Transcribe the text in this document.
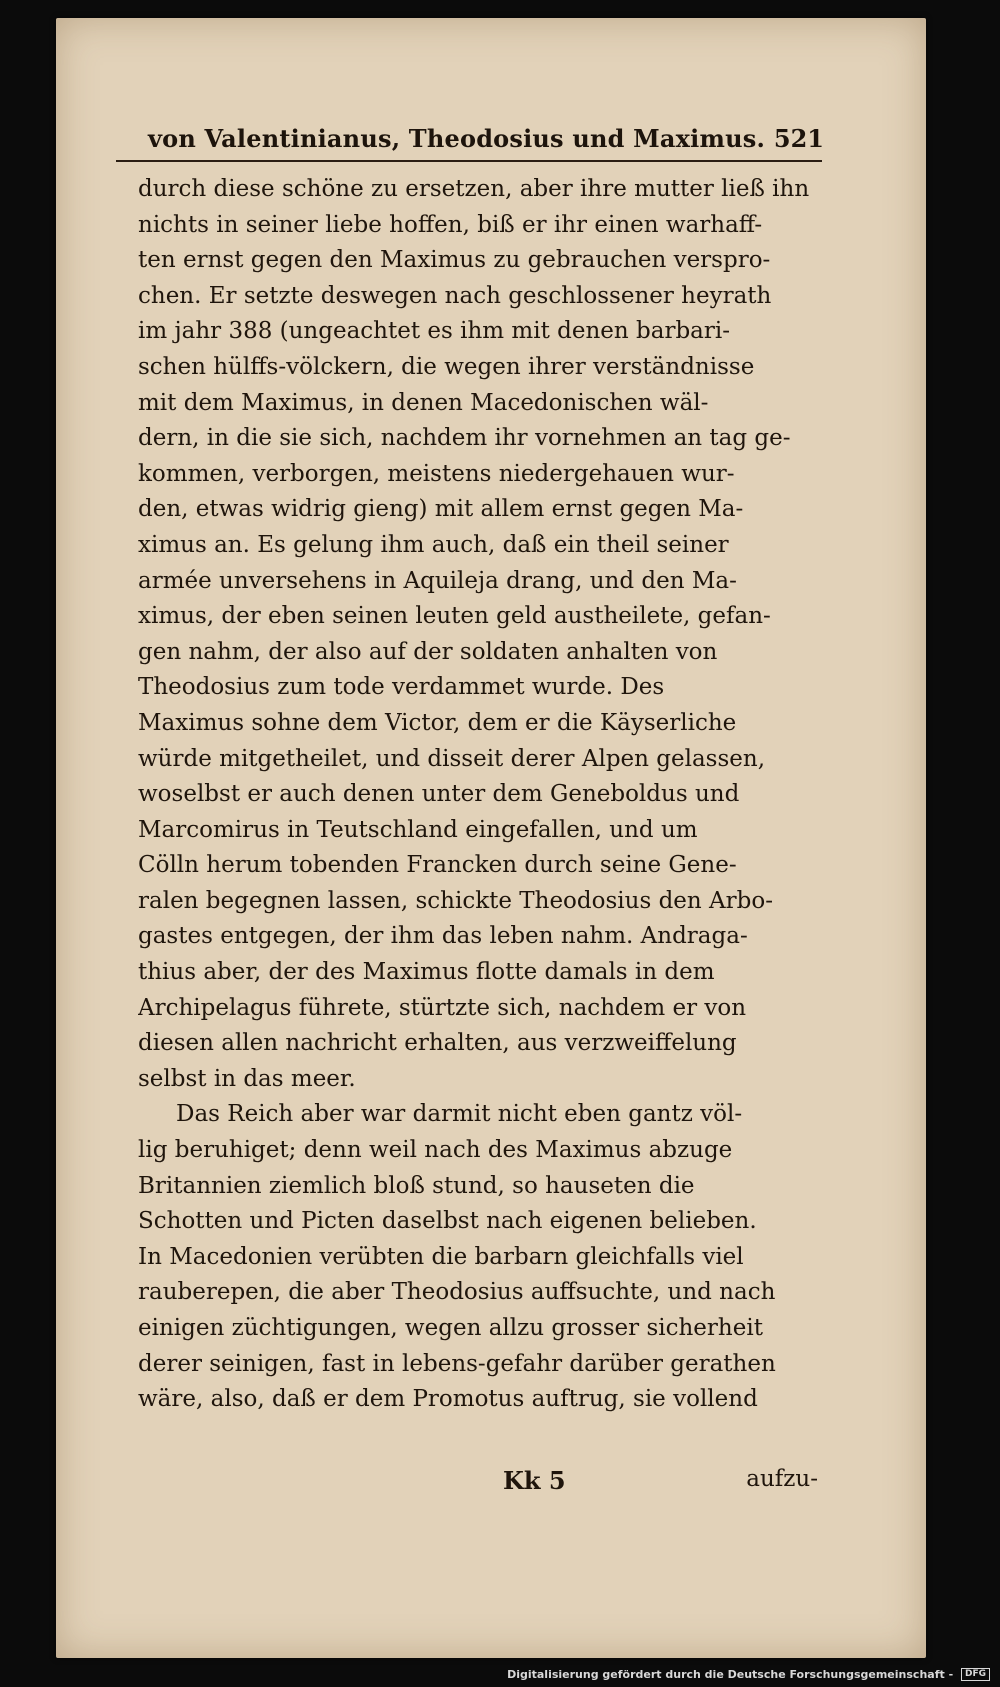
von Valentinianus, Theodosius und Maximus. 521
durch diese schöne zu ersetzen, aber ihre mutter ließ ihn
nichts in seiner liebe hoffen, biß er ihr einen warhaff-
ten ernst gegen den Maximus zu gebrauchen verspro-
chen. Er setzte deswegen nach geschlossener heyrath
im jahr 388 (ungeachtet es ihm mit denen barbari-
schen hülffs-völckern, die wegen ihrer verständnisse
mit dem Maximus, in denen Macedonischen wäl-
dern, in die sie sich, nachdem ihr vornehmen an tag ge-
kommen, verborgen, meistens niedergehauen wur-
den, etwas widrig gieng) mit allem ernst gegen Ma-
ximus an. Es gelung ihm auch, daß ein theil seiner
armée unversehens in Aquileja drang, und den Ma-
ximus, der eben seinen leuten geld austheilete, gefan-
gen nahm, der also auf der soldaten anhalten von
Theodosius zum tode verdammet wurde. Des
Maximus sohne dem Victor, dem er die Käyserliche
würde mitgetheilet, und disseit derer Alpen gelassen,
woselbst er auch denen unter dem Geneboldus und
Marcomirus in Teutschland eingefallen, und um
Cölln herum tobenden Francken durch seine Gene-
ralen begegnen lassen, schickte Theodosius den Arbo-
gastes entgegen, der ihm das leben nahm. Andraga-
thius aber, der des Maximus flotte damals in dem
Archipelagus führete, stürtzte sich, nachdem er von
diesen allen nachricht erhalten, aus verzweiffelung
selbst in das meer.
Das Reich aber war darmit nicht eben gantz völ-
lig beruhiget; denn weil nach des Maximus abzuge
Britannien ziemlich bloß stund, so hauseten die
Schotten und Picten daselbst nach eigenen belieben.
In Macedonien verübten die barbarn gleichfalls viel
rauberepen, die aber Theodosius auffsuchte, und nach
einigen züchtigungen, wegen allzu grosser sicherheit
derer seinigen, fast in lebens-gefahr darüber gerathen
wäre, also, daß er dem Promotus auftrug, sie vollend
Kk 5	aufzu-
Digitalisierung gefördert durch die Deutsche Forschungsgemeinschaft - DFG
